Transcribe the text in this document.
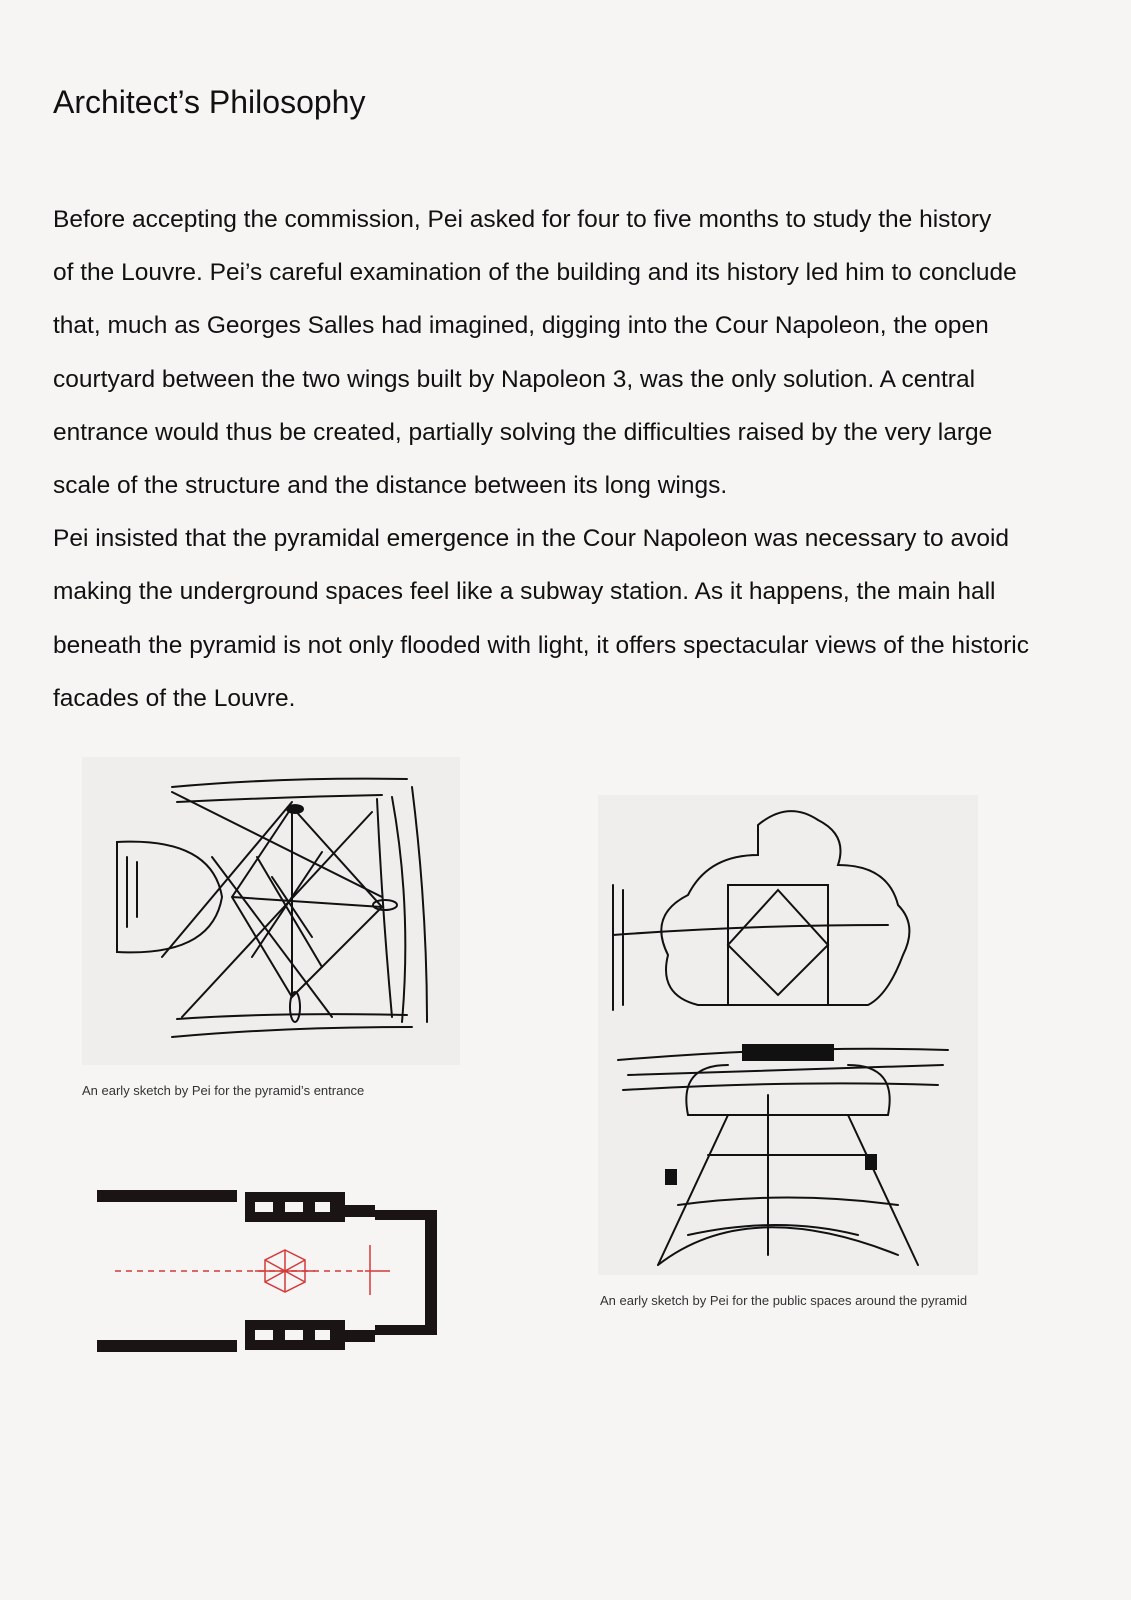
Architect’s Philosophy
Before accepting the commission, Pei asked for four to five months to study the history
of the Louvre. Pei’s careful examination of the building and its history led him to conclude
that, much as Georges Salles had imagined, digging into the Cour Napoleon, the open
courtyard between the two wings built by Napoleon 3, was the only solution. A central
entrance would thus be created, partially solving the difficulties raised by the very large
scale of the structure and the distance between its long wings.
Pei insisted that the pyramidal emergence in the Cour Napoleon was necessary to avoid
making the underground spaces feel like a subway station. As it happens, the main hall
beneath the pyramid is not only flooded with light, it offers spectacular views of the historic
facades of the Louvre.
An early sketch by Pei for the pyramid’s entrance
An early sketch by Pei for the public spaces around the pyramid
